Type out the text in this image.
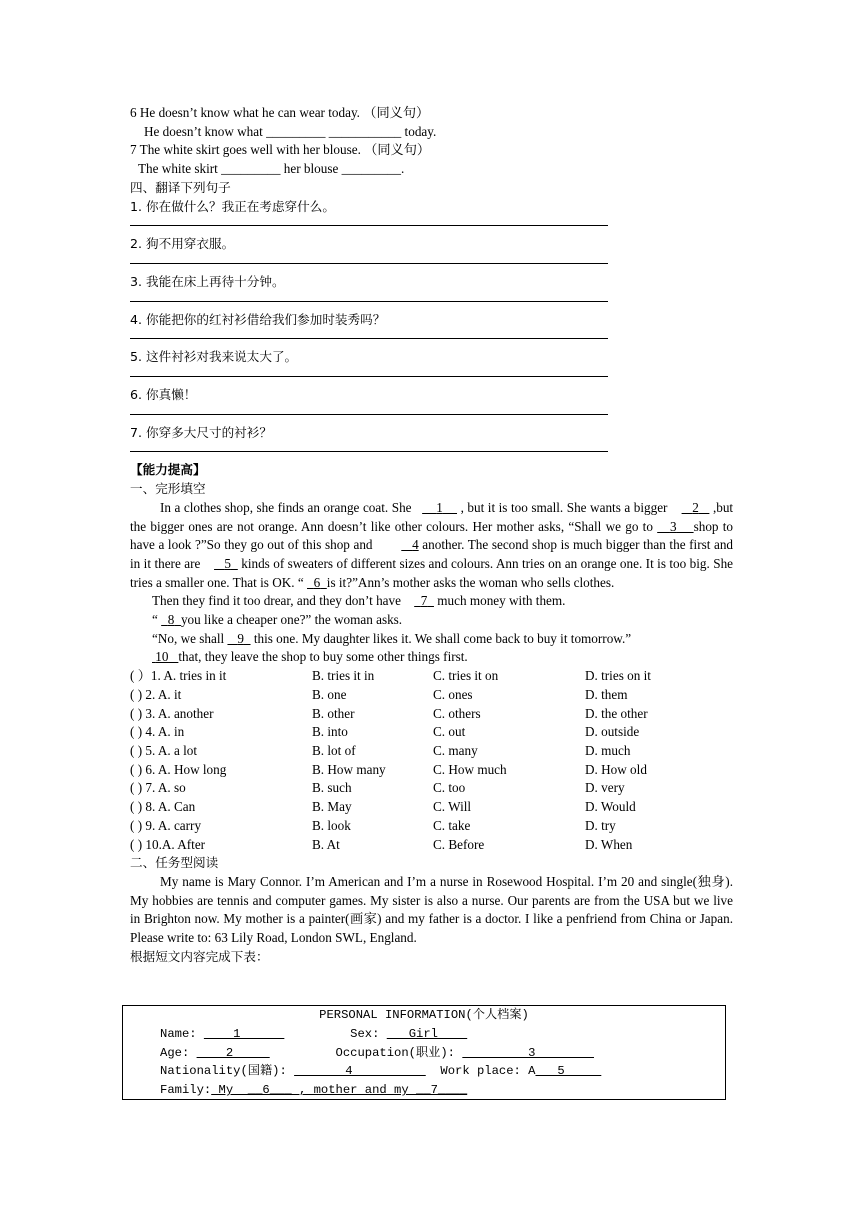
6 He doesn’t know what he can wear today. （同义句）
He doesn’t know what _________ ___________ today.
7 The white skirt goes well with her blouse. （同义句）
The white skirt _________ her blouse _________.
四、翻译下列句子
1. 你在做什么？我正在考虑穿什么。
2. 狗不用穿衣服。
3. 我能在床上再待十分钟。
4. 你能把你的红衬衫借给我们参加时装秀吗？
5. 这件衬衫对我来说太大了。
6. 你真懒！
7. 你穿多大尺寸的衬衫？
【能力提高】
一、完形填空
In a clothes shop, she finds an orange coat. She 1 , but it is too small. She wants a bigger 2 ,but the bigger ones are not orange. Ann doesn’t like other colours. Her mother asks, “Shall we go to 3 shop to have a look ?”So they go out of this shop and	4 another. The second shop is much bigger than the first and in it there are 5 kinds of sweaters of different sizes and colours. Ann tries on an orange one. It is too big. She tries a smaller one. That is OK. “ 6 is it?”Ann’s mother asks the woman who sells clothes.
Then they find it too drear, and they don’t have 7 much money with them.
“ 8 you like a cheaper one?” the woman asks.
“No, we shall 9 this one. My daughter likes it. We shall come back to buy it tomorrow.”
10 that, they leave the shop to buy some other things first.
( ）1. A. tries in it	B. tries it in	C. tries it on	D. tries on it
( ) 2. A. it	B. one	C. ones	D. them
( ) 3. A. another	B. other	C. others	D. the other
( ) 4. A. in	B. into	C. out	D. outside
( ) 5. A. a lot	B. lot of	C. many	D. much
( ) 6. A. How long	B. How many	C. How much	D. How old
( ) 7. A. so	B. such	C. too	D. very
( ) 8. A. Can	B. May	C. Will	D. Would
( ) 9. A. carry	B. look	C. take	D. try
( ) 10.A. After	B. At	C. Before	D. When
二、任务型阅读
My name is Mary Connor. I’m American and I’m a nurse in Rosewood Hospital. I’m 20 and single(独身). My hobbies are tennis and computer games. My sister is also a nurse. Our parents are from the USA but we live in Brighton now. My mother is a painter(画家) and my father is a doctor. I like a penfriend from China or Japan. Please write to: 63 Lily Road, London SWL, England.
根据短文内容完成下表：
PERSONAL INFORMATION(个人档案)
Name:     1	Sex:    Girl
Age:     2	Occupation(职业):          3
Nationality(国籍):        4            Work place: A   5
Family: My  __6___ , mother and my __7____
